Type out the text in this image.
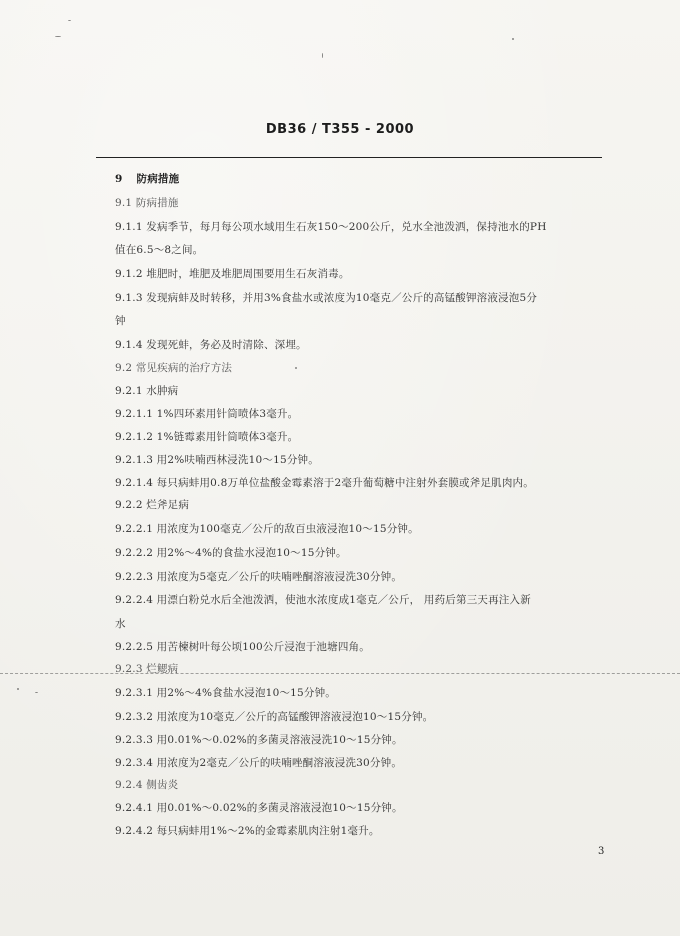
DB36 / T355 - 2000
9 防病措施
9.1 防病措施
9.1.1 发病季节，每月每公项水域用生石灰150～200公斤，兑水全池泼洒，保持池水的PH
值在6.5～8之间。
9.1.2 堆肥时，堆肥及堆肥周围要用生石灰消毒。
9.1.3 发现病蚌及时转移，并用3%食盐水或浓度为10毫克／公斤的高锰酸钾溶液浸泡5分
钟
9.1.4 发现死蚌，务必及时清除、深埋。
9.2 常见疾病的治疗方法
9.2.1 水肿病
9.2.1.1 1%四环素用针筒喷体3毫升。
9.2.1.2 1%链霉素用针筒喷体3毫升。
9.2.1.3 用2%呋喃西林浸洗10～15分钟。
9.2.1.4 每只病蚌用0.8万单位盐酸金霉素溶于2毫升葡萄糖中注射外套膜或斧足肌肉内。
9.2.2 烂斧足病
9.2.2.1 用浓度为100毫克／公斤的敌百虫液浸泡10～15分钟。
9.2.2.2 用2%～4%的食盐水浸泡10～15分钟。
9.2.2.3 用浓度为5毫克／公斤的呋喃唑酮溶液浸洗30分钟。
9.2.2.4 用漂白粉兑水后全池泼洒，使池水浓度成1毫克／公斤， 用药后第三天再注入新
水
9.2.2.5 用苦楝树叶每公顷100公斤浸泡于池塘四角。
9.2.3 烂鳃病
9.2.3.1 用2%～4%食盐水浸泡10～15分钟。
9.2.3.2 用浓度为10毫克／公斤的高锰酸钾溶液浸泡10～15分钟。
9.2.3.3 用0.01%～0.02%的多菌灵溶液浸洗10～15分钟。
9.2.3.4 用浓度为2毫克／公斤的呋喃唑酮溶液浸洗30分钟。
9.2.4 侧齿炎
9.2.4.1 用0.01%～0.02%的多菌灵溶液浸泡10～15分钟。
9.2.4.2 每只病蚌用1%～2%的金霉素肌肉注射1毫升。
3
